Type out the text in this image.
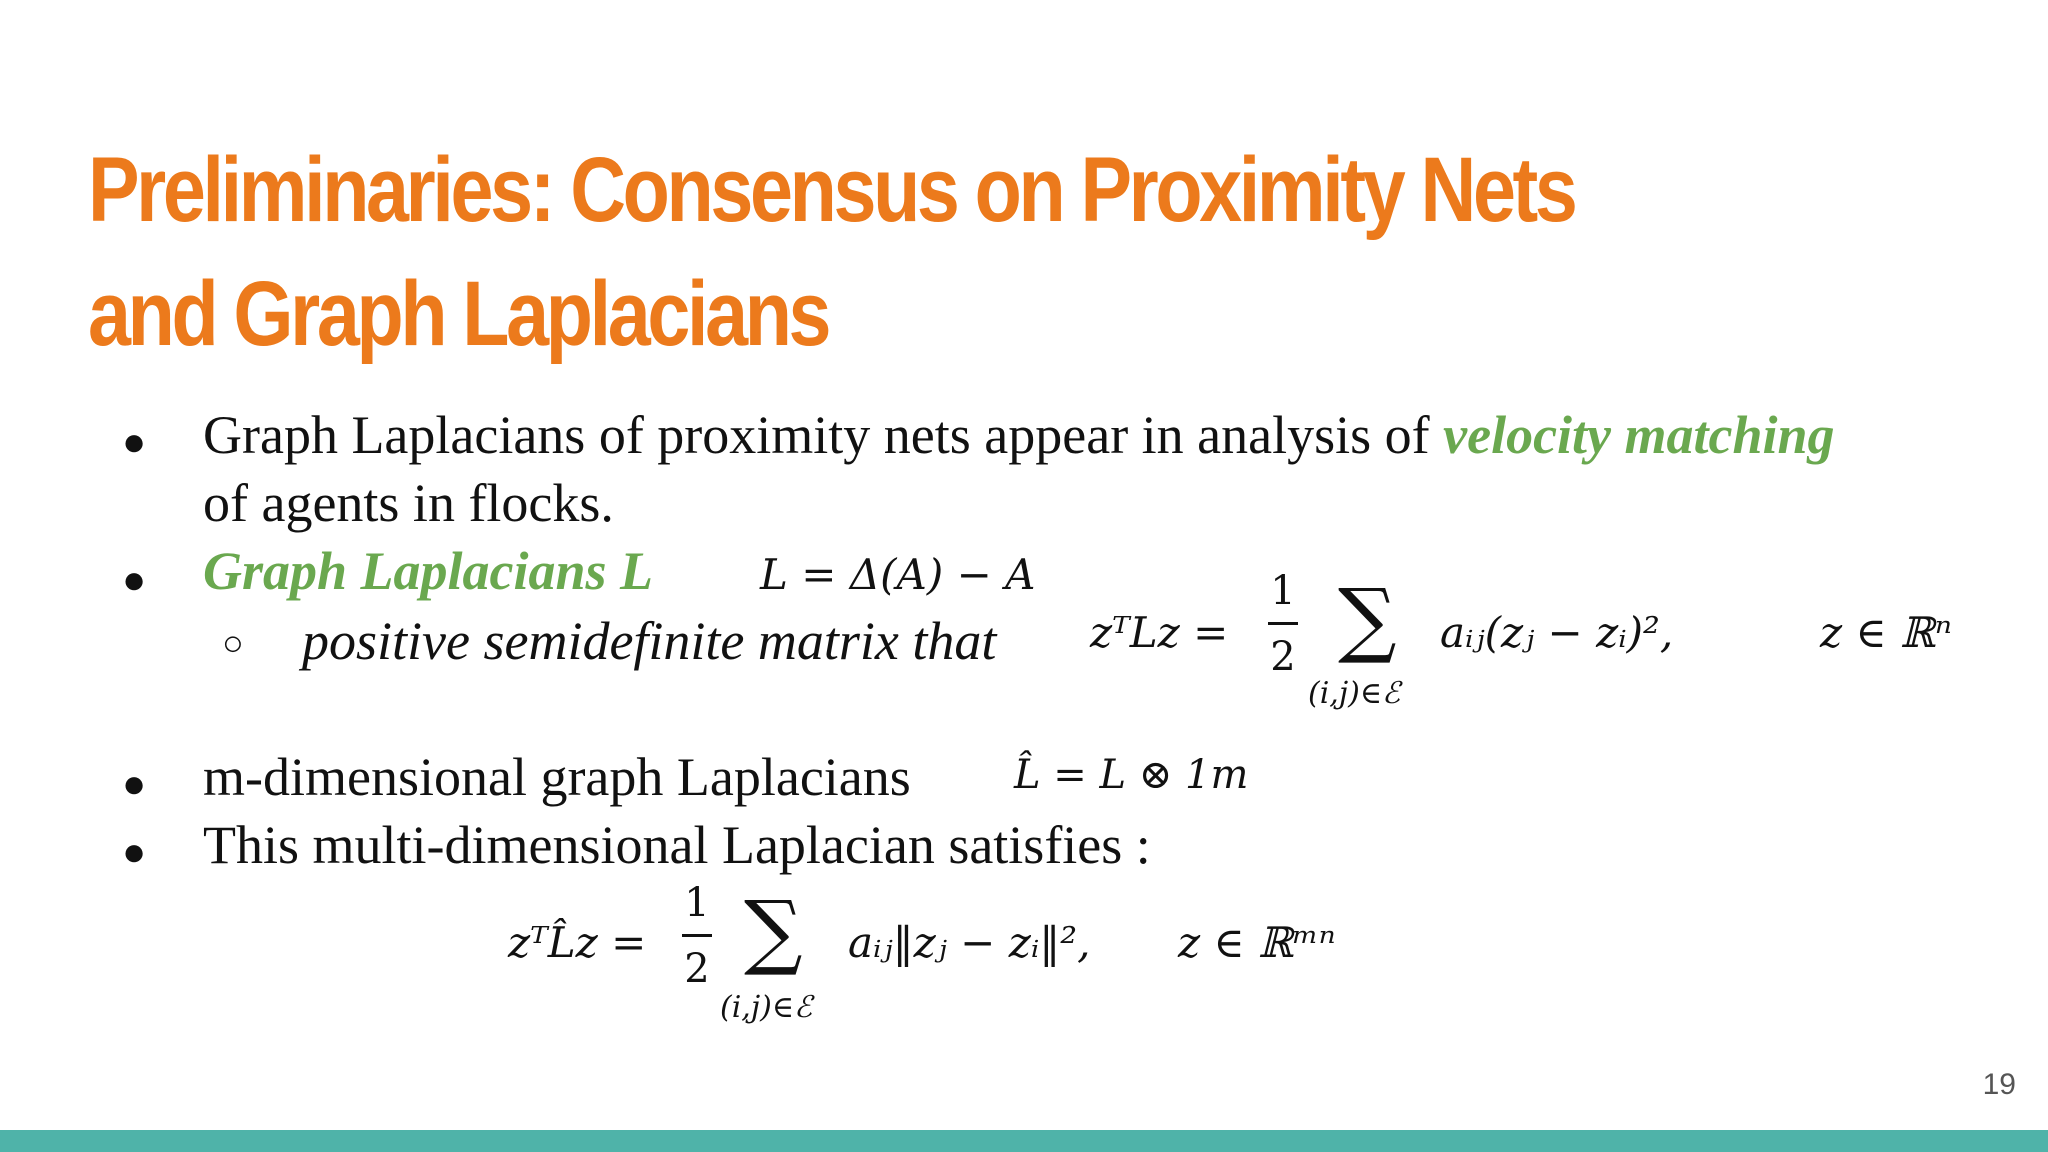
Preliminaries: Consensus on Proximity Nets and Graph Laplacians
● Graph Laplacians of proximity nets appear in analysis of velocity matching
of agents in flocks.
● Graph Laplacians L	L = Δ(A) − A
○ positive semidefinite matrix that zᵀLz =
1
2 ∑
(i,j)∈ℰ
aᵢⱼ(zⱼ − zᵢ)²,	z ∈ ℝⁿ
● m-dimensional graph Laplacians	L̂ = L ⊗ 1m
● This multi-dimensional Laplacian satisfies :
zᵀL̂z =
1
2 ∑
(i,j)∈ℰ
aᵢⱼ‖zⱼ − zᵢ‖², z ∈ ℝᵐⁿ
19
